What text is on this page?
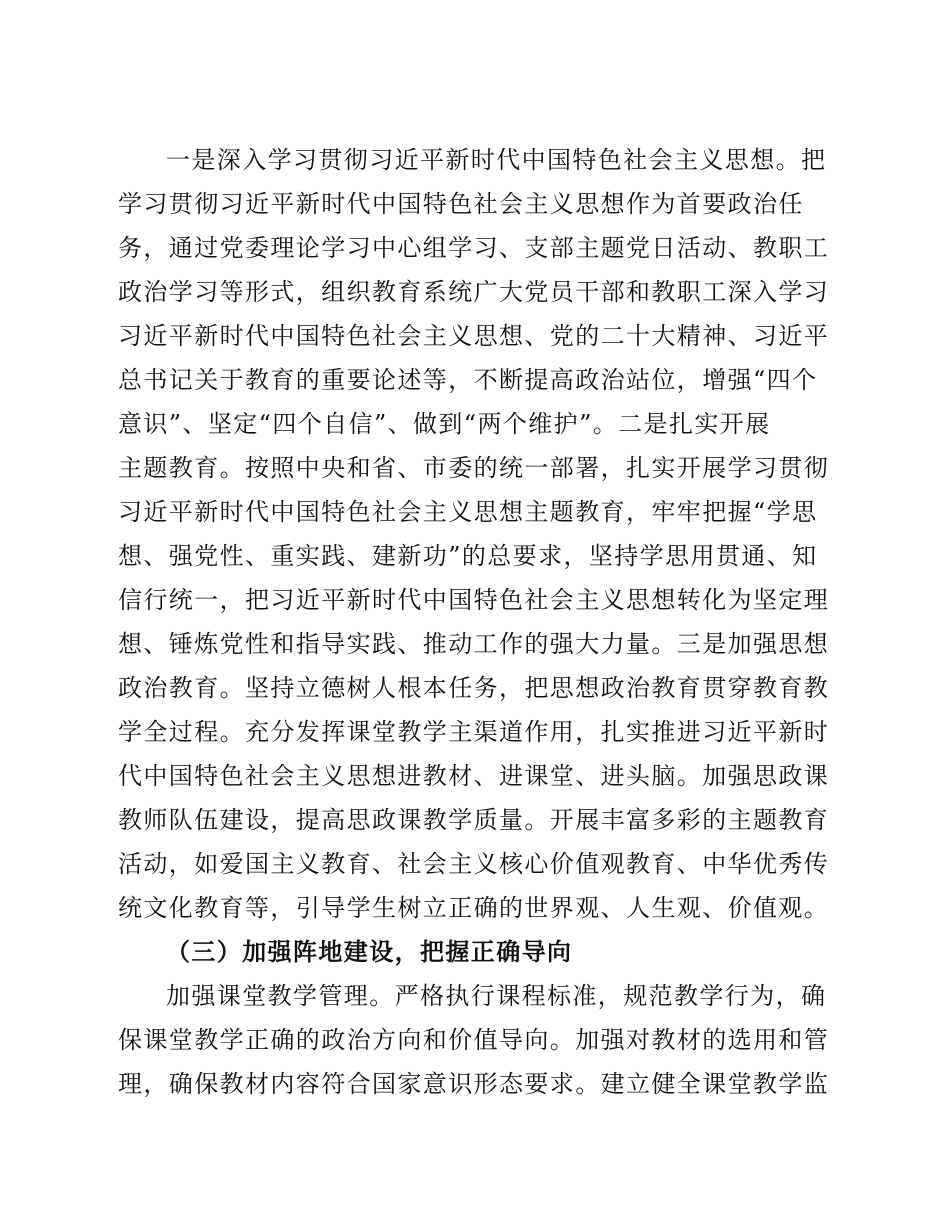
一是深入学习贯彻习近平新时代中国特色社会主义思想。把
学习贯彻习近平新时代中国特色社会主义思想作为首要政治任
务，通过党委理论学习中心组学习、支部主题党日活动、教职工
政治学习等形式，组织教育系统广大党员干部和教职工深入学习
习近平新时代中国特色社会主义思想、党的二十大精神、习近平
总书记关于教育的重要论述等，不断提高政治站位，增强“四个
意识”、坚定“四个自信”、做到“两个维护”。二是扎实开展
主题教育。按照中央和省、市委的统一部署，扎实开展学习贯彻
习近平新时代中国特色社会主义思想主题教育，牢牢把握“学思
想、强党性、重实践、建新功”的总要求，坚持学思用贯通、知
信行统一，把习近平新时代中国特色社会主义思想转化为坚定理
想、锤炼党性和指导实践、推动工作的强大力量。三是加强思想
政治教育。坚持立德树人根本任务，把思想政治教育贯穿教育教
学全过程。充分发挥课堂教学主渠道作用，扎实推进习近平新时
代中国特色社会主义思想进教材、进课堂、进头脑。加强思政课
教师队伍建设，提高思政课教学质量。开展丰富多彩的主题教育
活动，如爱国主义教育、社会主义核心价值观教育、中华优秀传
统文化教育等，引导学生树立正确的世界观、人生观、价值观。
（三）加强阵地建设，把握正确导向
加强课堂教学管理。严格执行课程标准，规范教学行为，确
保课堂教学正确的政治方向和价值导向。加强对教材的选用和管
理，确保教材内容符合国家意识形态要求。建立健全课堂教学监
